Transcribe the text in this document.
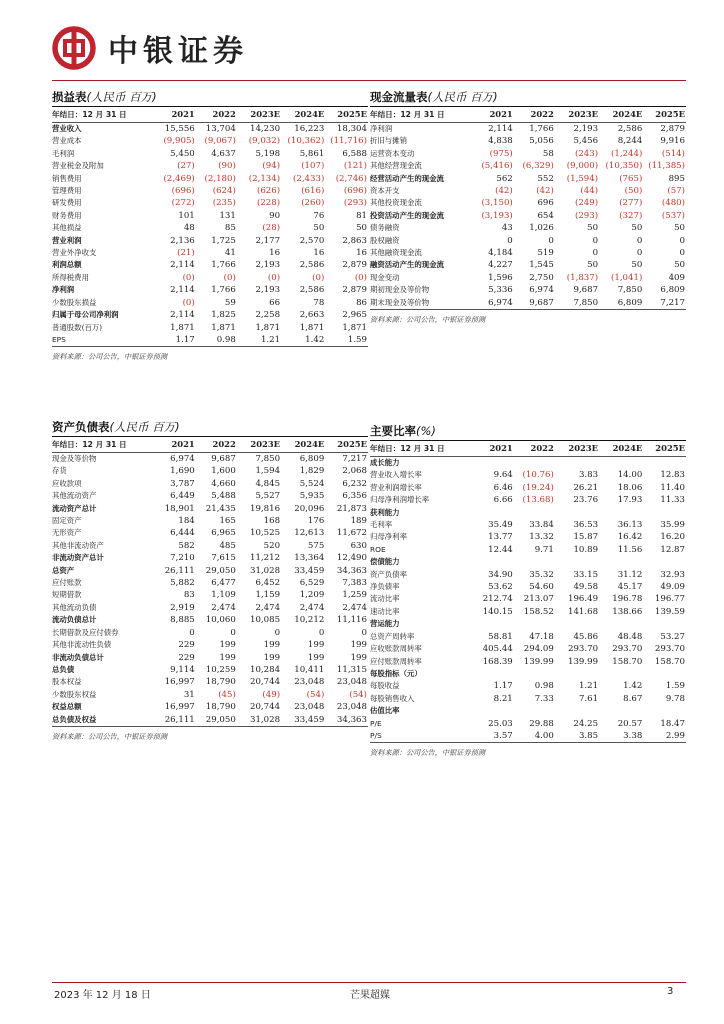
中银证券
损益表(人民币 百万)
年结日：12 月 31 日	2021	2022	2023E	2024E	2025E
营业收入	15,556	13,704	14,230	16,223	18,304
营业成本	(9,905)	(9,067)	(9,032)	(10,362)	(11,716)
毛利润	5,450	4,637	5,198	5,861	6,588
营业税金及附加	(27)	(90)	(94)	(107)	(121)
销售费用	(2,469)	(2,180)	(2,134)	(2,433)	(2,746)
管理费用	(696)	(624)	(626)	(616)	(696)
研发费用	(272)	(235)	(228)	(260)	(293)
财务费用	101	131	90	76	81
其他损益	48	85	(28)	50	50
营业利润	2,136	1,725	2,177	2,570	2,863
营业外净收支	(21)	41	16	16	16
利润总额	2,114	1,766	2,193	2,586	2,879
所得税费用	(0)	(0)	(0)	(0)	(0)
净利润	2,114	1,766	2,193	2,586	2,879
少数股东损益	(0)	59	66	78	86
归属于母公司净利润	2,114	1,825	2,258	2,663	2,965
普通股数(百万)	1,871	1,871	1,871	1,871	1,871
EPS	1.17	0.98	1.21	1.42	1.59
资料来源：公司公告，中银证券预测
现金流量表(人民币 百万)
年结日：12 月 31 日	2021	2022	2023E	2024E	2025E
净利润	2,114	1,766	2,193	2,586	2,879
折旧与摊销	4,838	5,056	5,456	8,244	9,916
运营资本变动	(975)	58	(243)	(1,244)	(514)
其他经营现金流	(5,416)	(6,329)	(9,000)	(10,350)	(11,385)
经营活动产生的现金流	562	552	(1,594)	(765)	895
资本开支	(42)	(42)	(44)	(50)	(57)
其他投资现金流	(3,150)	696	(249)	(277)	(480)
投资活动产生的现金流	(3,193)	654	(293)	(327)	(537)
债务融资	43	1,026	50	50	50
股权融资	0	0	0	0	0
其他融资现金流	4,184	519	0	0	0
融资活动产生的现金流	4,227	1,545	50	50	50
现金变动	1,596	2,750	(1,837)	(1,041)	409
期初现金及等价物	5,336	6,974	9,687	7,850	6,809
期末现金及等价物	6,974	9,687	7,850	6,809	7,217
资料来源：公司公告，中银证券预测
资产负债表(人民币 百万)
年结日：12 月 31 日	2021	2022	2023E	2024E	2025E
现金及等价物	6,974	9,687	7,850	6,809	7,217
存货	1,690	1,600	1,594	1,829	2,068
应收款项	3,787	4,660	4,845	5,524	6,232
其他流动资产	6,449	5,488	5,527	5,935	6,356
流动资产总计	18,901	21,435	19,816	20,096	21,873
固定资产	184	165	168	176	189
无形资产	6,444	6,965	10,525	12,613	11,672
其他非流动资产	582	485	520	575	630
非流动资产总计	7,210	7,615	11,212	13,364	12,490
总资产	26,111	29,050	31,028	33,459	34,363
应付账款	5,882	6,477	6,452	6,529	7,383
短期借款	83	1,109	1,159	1,209	1,259
其他流动负债	2,919	2,474	2,474	2,474	2,474
流动负债总计	8,885	10,060	10,085	10,212	11,116
长期借款及应付债券	0	0	0	0	0
其他非流动性负债	229	199	199	199	199
非流动负债总计	229	199	199	199	199
总负债	9,114	10,259	10,284	10,411	11,315
股本权益	16,997	18,790	20,744	23,048	23,048
少数股东权益	31	(45)	(49)	(54)	(54)
权益总额	16,997	18,790	20,744	23,048	23,048
总负债及权益	26,111	29,050	31,028	33,459	34,363
资料来源：公司公告，中银证券预测
主要比率(%)
年结日：12 月 31 日	2021	2022	2023E	2024E	2025E
成长能力					
营业收入增长率	9.64	(10.76)	3.83	14.00	12.83
营业利润增长率	6.46	(19.24)	26.21	18.06	11.40
归母净利润增长率	6.66	(13.68)	23.76	17.93	11.33
获利能力					
毛利率	35.49	33.84	36.53	36.13	35.99
归母净利率	13.77	13.32	15.87	16.42	16.20
ROE	12.44	9.71	10.89	11.56	12.87
偿债能力					
资产负债率	34.90	35.32	33.15	31.12	32.93
净负债率	53.62	54.60	49.58	45.17	49.09
流动比率	212.74	213.07	196.49	196.78	196.77
速动比率	140.15	158.52	141.68	138.66	139.59
营运能力					
总资产周转率	58.81	47.18	45.86	48.48	53.27
应收账款周转率	405.44	294.09	293.70	293.70	293.70
应付账款周转率	168.39	139.99	139.99	158.70	158.70
每股指标（元）					
每股收益	1.17	0.98	1.21	1.42	1.59
每股销售收入	8.21	7.33	7.61	8.67	9.78
估值比率					
P/E	25.03	29.88	24.25	20.57	18.47
P/S	3.57	4.00	3.85	3.38	2.99
资料来源：公司公告，中银证券预测
2023 年 12 月 18 日	芒果超媒	3
